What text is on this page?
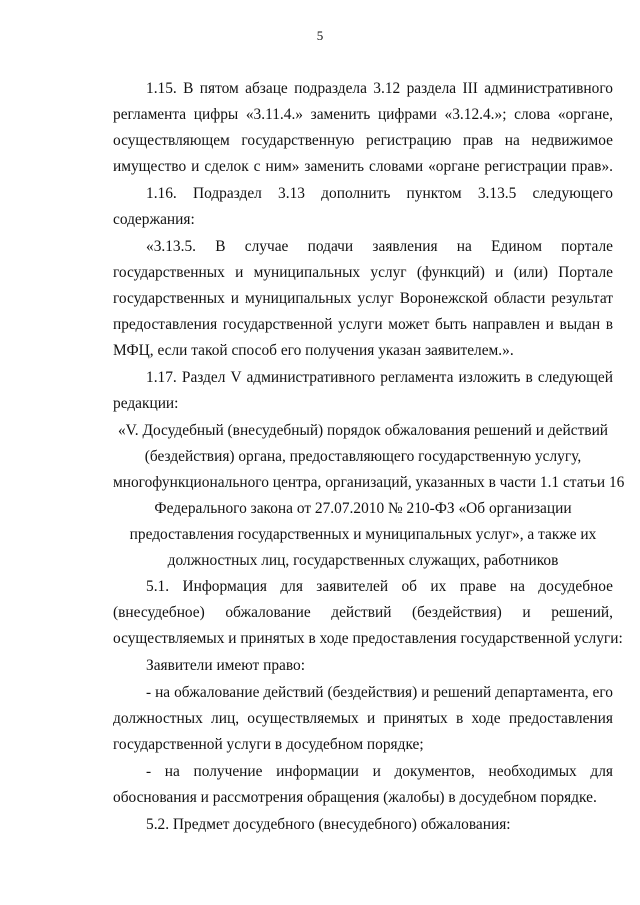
5
1.15. В пятом абзаце подраздела 3.12 раздела III административного
регламента цифры «3.11.4.» заменить цифрами «3.12.4.»; слова «органе,
осуществляющем государственную регистрацию прав на недвижимое
имущество и сделок с ним» заменить словами «органе регистрации прав».
1.16. Подраздел 3.13 дополнить пунктом 3.13.5 следующего
содержания:
«3.13.5. В случае подачи заявления на Едином портале
государственных и муниципальных услуг (функций) и (или) Портале
государственных и муниципальных услуг Воронежской области результат
предоставления государственной услуги может быть направлен и выдан в
МФЦ, если такой способ его получения указан заявителем.».
1.17. Раздел V административного регламента изложить в следующей
редакции:
«V. Досудебный (внесудебный) порядок обжалования решений и действий
(бездействия) органа, предоставляющего государственную услугу,
многофункционального центра, организаций, указанных в части 1.1 статьи 16
Федерального закона от 27.07.2010 № 210-ФЗ «Об организации
предоставления государственных и муниципальных услуг», а также их
должностных лиц, государственных служащих, работников
5.1. Информация для заявителей об их праве на досудебное
(внесудебное) обжалование действий (бездействия) и решений,
осуществляемых и принятых в ходе предоставления государственной услуги:
Заявители имеют право:
- на обжалование действий (бездействия) и решений департамента, его
должностных лиц, осуществляемых и принятых в ходе предоставления
государственной услуги в досудебном порядке;
- на получение информации и документов, необходимых для
обоснования и рассмотрения обращения (жалобы) в досудебном порядке.
5.2. Предмет досудебного (внесудебного) обжалования:
